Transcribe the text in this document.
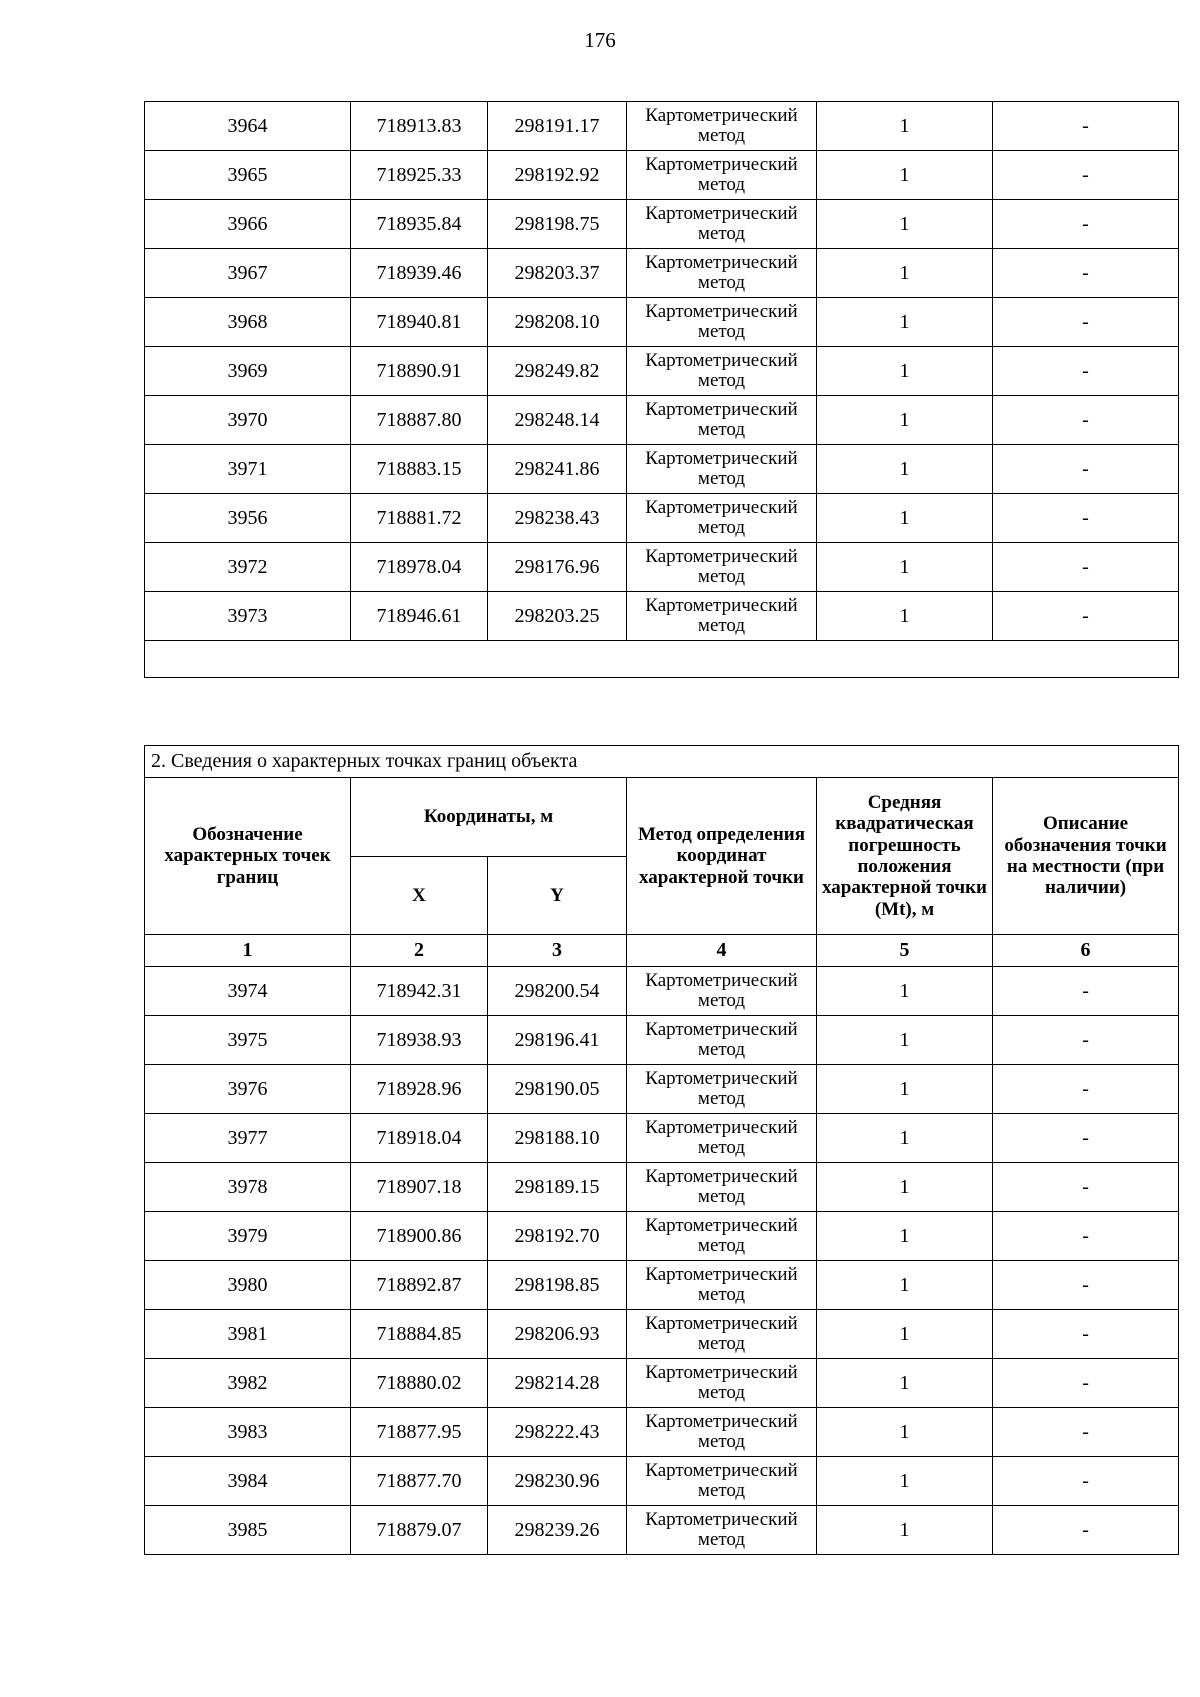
176
3964	718913.83	298191.17	Картометрический метод	1	-
3965	718925.33	298192.92	Картометрический метод	1	-
3966	718935.84	298198.75	Картометрический метод	1	-
3967	718939.46	298203.37	Картометрический метод	1	-
3968	718940.81	298208.10	Картометрический метод	1	-
3969	718890.91	298249.82	Картометрический метод	1	-
3970	718887.80	298248.14	Картометрический метод	1	-
3971	718883.15	298241.86	Картометрический метод	1	-
3956	718881.72	298238.43	Картометрический метод	1	-
3972	718978.04	298176.96	Картометрический метод	1	-
3973	718946.61	298203.25	Картометрический метод	1	-

2. Сведения о характерных точках границ объекта					
Обозначение характерных точек границ	Координаты, м		Метод определения координат характерной точки	Средняя квадратическая погрешность положения характерной точки (Mt), м	Описание обозначения точки на местности (при наличии)
	X	Y			
1	2	3	4	5	6
3974	718942.31	298200.54	Картометрический метод	1	-
3975	718938.93	298196.41	Картометрический метод	1	-
3976	718928.96	298190.05	Картометрический метод	1	-
3977	718918.04	298188.10	Картометрический метод	1	-
3978	718907.18	298189.15	Картометрический метод	1	-
3979	718900.86	298192.70	Картометрический метод	1	-
3980	718892.87	298198.85	Картометрический метод	1	-
3981	718884.85	298206.93	Картометрический метод	1	-
3982	718880.02	298214.28	Картометрический метод	1	-
3983	718877.95	298222.43	Картометрический метод	1	-
3984	718877.70	298230.96	Картометрический метод	1	-
3985	718879.07	298239.26	Картометрический метод	1	-
